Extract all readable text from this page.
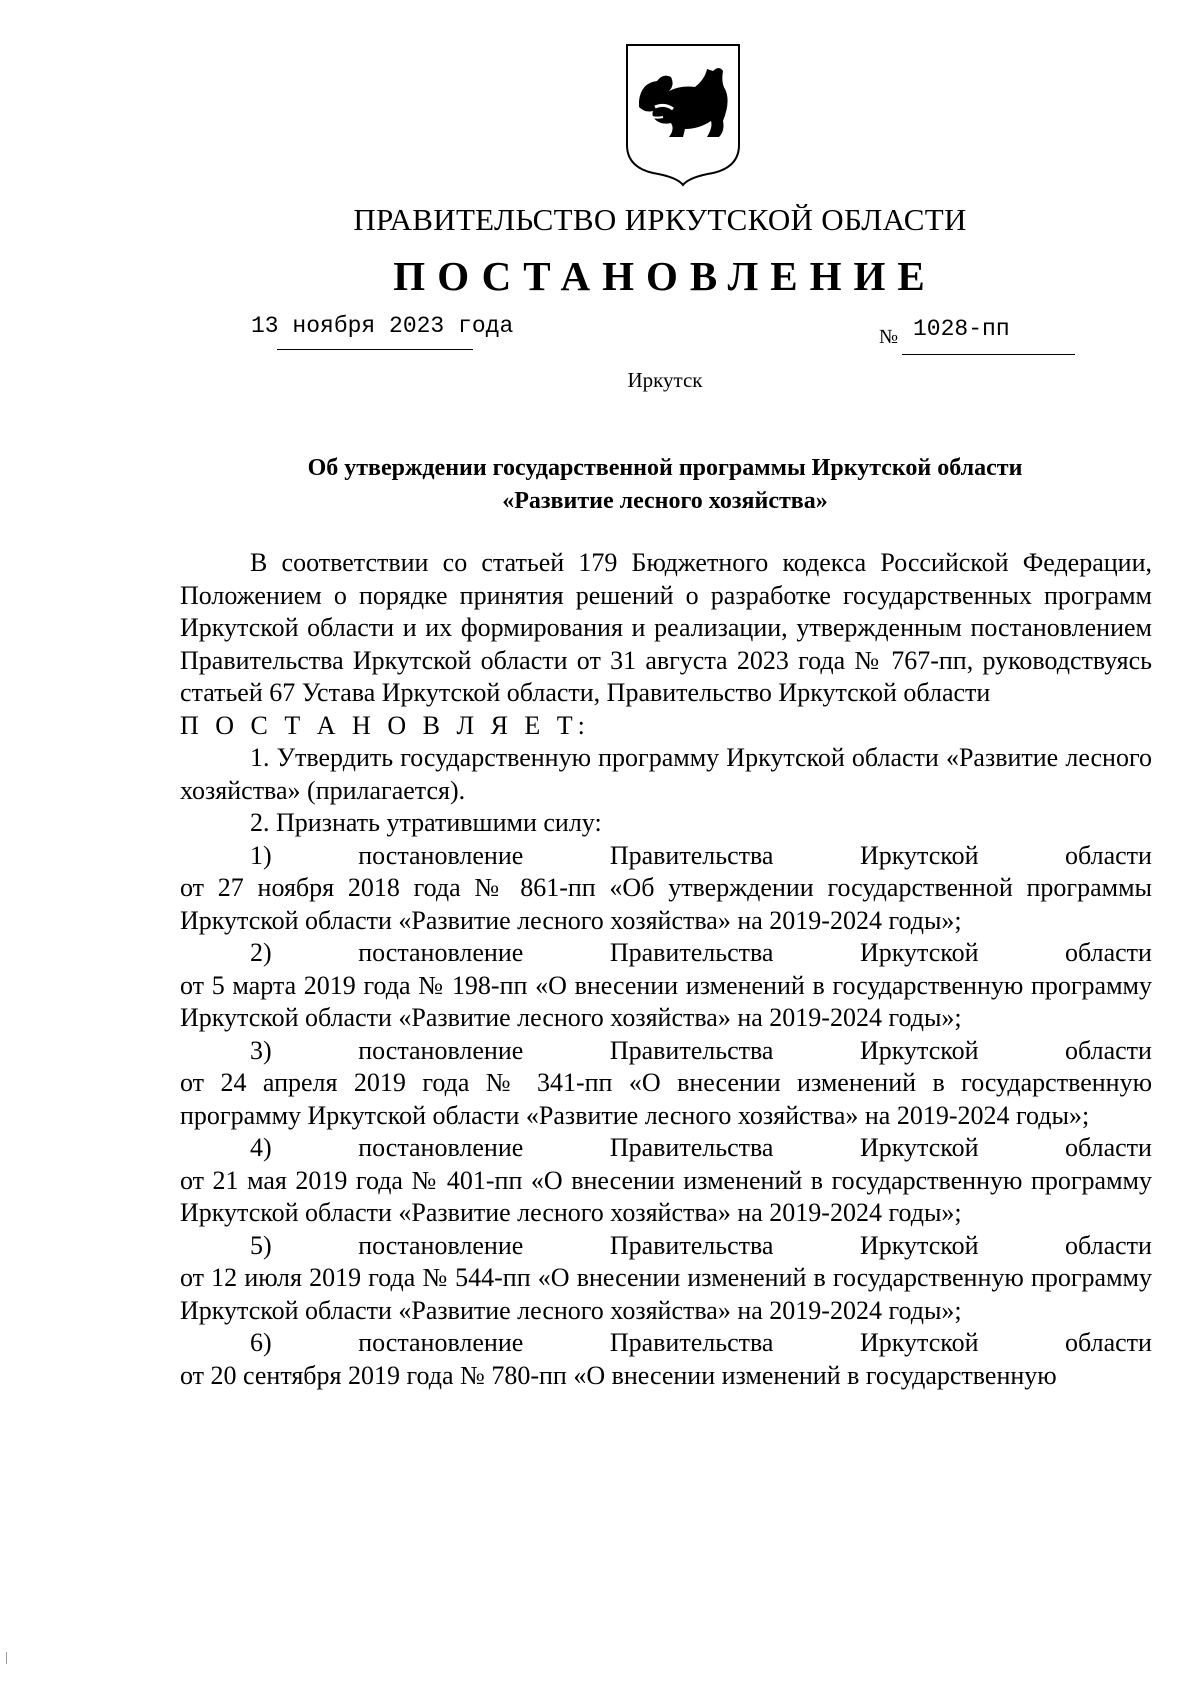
ПРАВИТЕЛЬСТВО ИРКУТСКОЙ ОБЛАСТИ
ПОСТАНОВЛЕНИЕ
13 ноября 2023 года	№ 1028-пп
Иркутск
Об утверждении государственной программы Иркутской области
«Развитие лесного хозяйства»

В соответствии со статьей 179 Бюджетного кодекса Российской Федерации, Положением о порядке принятия решений о разработке государственных программ Иркутской области и их формирования и реализации, утвержденным постановлением Правительства Иркутской области от 31 августа 2023 года № 767-пп, руководствуясь статьей 67 Устава Иркутской области, Правительство Иркутской области

П О С Т А Н О В Л Я Е Т:

1. Утвердить государственную программу Иркутской области «Развитие лесного хозяйства» (прилагается).

2. Признать утратившими силу:

1)	постановление	Правительства	Иркутской	области

от 27 ноября 2018 года № 861-пп «Об утверждении государственной программы Иркутской области «Развитие лесного хозяйства» на 2019-2024 годы»;

2)	постановление	Правительства	Иркутской	области

от 5 марта 2019 года № 198-пп «О внесении изменений в государственную программу Иркутской области «Развитие лесного хозяйства» на 2019-2024 годы»;

3)	постановление	Правительства	Иркутской	области

от 24 апреля 2019 года № 341-пп «О внесении изменений в государственную программу Иркутской области «Развитие лесного хозяйства» на 2019-2024 годы»;

4)	постановление	Правительства	Иркутской	области

от 21 мая 2019 года № 401-пп «О внесении изменений в государственную программу Иркутской области «Развитие лесного хозяйства» на 2019-2024 годы»;

5)	постановление	Правительства	Иркутской	области

от 12 июля 2019 года № 544-пп «О внесении изменений в государственную программу Иркутской области «Развитие лесного хозяйства» на 2019-2024 годы»;

6)	постановление	Правительства	Иркутской	области

от 20 сентября 2019 года № 780-пп «О внесении изменений в государственную
